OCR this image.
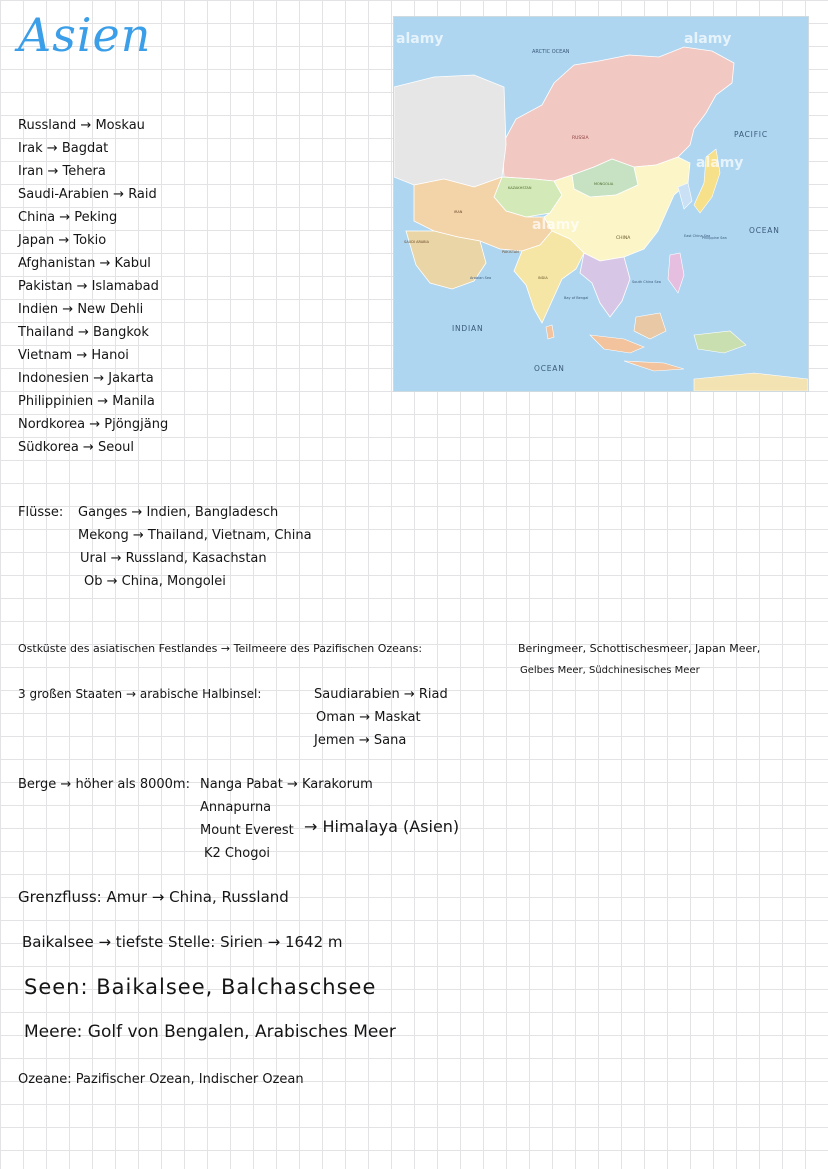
Asien
Russland → Moskau
Irak → Bagdat
Iran → Tehera
Saudi-Arabien → Raid
China → Peking
Japan → Tokio
Afghanistan → Kabul
Pakistan → Islamabad
Indien → New Dehli
Thailand → Bangkok
Vietnam → Hanoi
Indonesien → Jakarta
Philippinien → Manila
Nordkorea → Pjöngjäng
Südkorea → Seoul
alamy
alamy
alamy
alamy
ARCTIC OCEAN
PACIFIC
OCEAN
INDIAN
OCEAN
RUSSIA
CHINA
KAZAKHSTAN
MONGOLIA
INDIA
IRAN
SAUDI ARABIA
PAKISTAN
Philippine Sea
South China Sea
East China Sea
Bay of Bengal
Arabian Sea
Flüsse: Ganges → Indien, Bangladesch
Mekong → Thailand, Vietnam, China
Ural → Russland, Kasachstan
Ob → China, Mongolei
Ostküste des asiatischen Festlandes → Teilmeere des Pazifischen Ozeans:	Beringmeer, Schottischesmeer, Japan Meer,
Gelbes Meer, Südchinesisches Meer
3 großen Staaten → arabische Halbinsel:	Saudiarabien → Riad
Oman → Maskat
Jemen → Sana
Berge → höher als 8000m: Nanga Pabat → Karakorum
Annapurna
Mount Everest
K2 Chogoi
→ Himalaya (Asien)
Grenzfluss: Amur → China, Russland
Baikalsee → tiefste Stelle: Sirien → 1642 m
Seen: Baikalsee, Balchaschsee
Meere: Golf von Bengalen, Arabisches Meer
Ozeane: Pazifischer Ozean, Indischer Ozean
